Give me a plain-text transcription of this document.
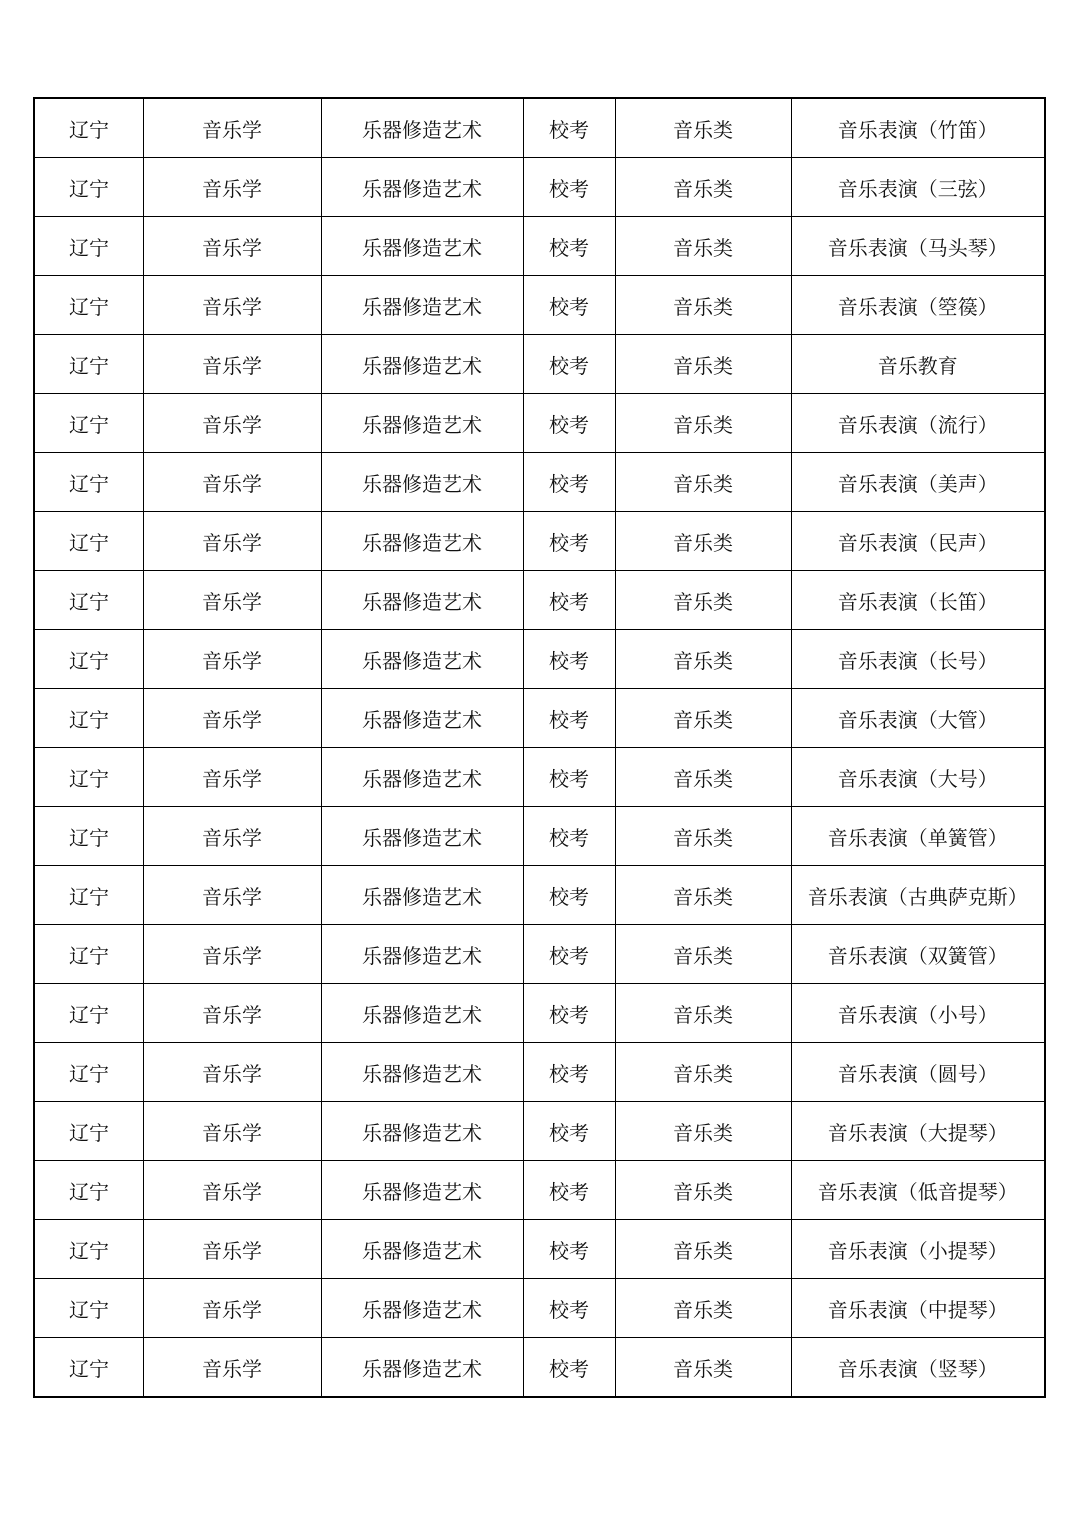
辽宁	音乐学	乐器修造艺术	校考	音乐类	音乐表演（竹笛）
辽宁	音乐学	乐器修造艺术	校考	音乐类	音乐表演（三弦）
辽宁	音乐学	乐器修造艺术	校考	音乐类	音乐表演（马头琴）
辽宁	音乐学	乐器修造艺术	校考	音乐类	音乐表演（箜篌）
辽宁	音乐学	乐器修造艺术	校考	音乐类	音乐教育
辽宁	音乐学	乐器修造艺术	校考	音乐类	音乐表演（流行）
辽宁	音乐学	乐器修造艺术	校考	音乐类	音乐表演（美声）
辽宁	音乐学	乐器修造艺术	校考	音乐类	音乐表演（民声）
辽宁	音乐学	乐器修造艺术	校考	音乐类	音乐表演（长笛）
辽宁	音乐学	乐器修造艺术	校考	音乐类	音乐表演（长号）
辽宁	音乐学	乐器修造艺术	校考	音乐类	音乐表演（大管）
辽宁	音乐学	乐器修造艺术	校考	音乐类	音乐表演（大号）
辽宁	音乐学	乐器修造艺术	校考	音乐类	音乐表演（单簧管）
辽宁	音乐学	乐器修造艺术	校考	音乐类	音乐表演（古典萨克斯）
辽宁	音乐学	乐器修造艺术	校考	音乐类	音乐表演（双簧管）
辽宁	音乐学	乐器修造艺术	校考	音乐类	音乐表演（小号）
辽宁	音乐学	乐器修造艺术	校考	音乐类	音乐表演（圆号）
辽宁	音乐学	乐器修造艺术	校考	音乐类	音乐表演（大提琴）
辽宁	音乐学	乐器修造艺术	校考	音乐类	音乐表演（低音提琴）
辽宁	音乐学	乐器修造艺术	校考	音乐类	音乐表演（小提琴）
辽宁	音乐学	乐器修造艺术	校考	音乐类	音乐表演（中提琴）
辽宁	音乐学	乐器修造艺术	校考	音乐类	音乐表演（竖琴）
